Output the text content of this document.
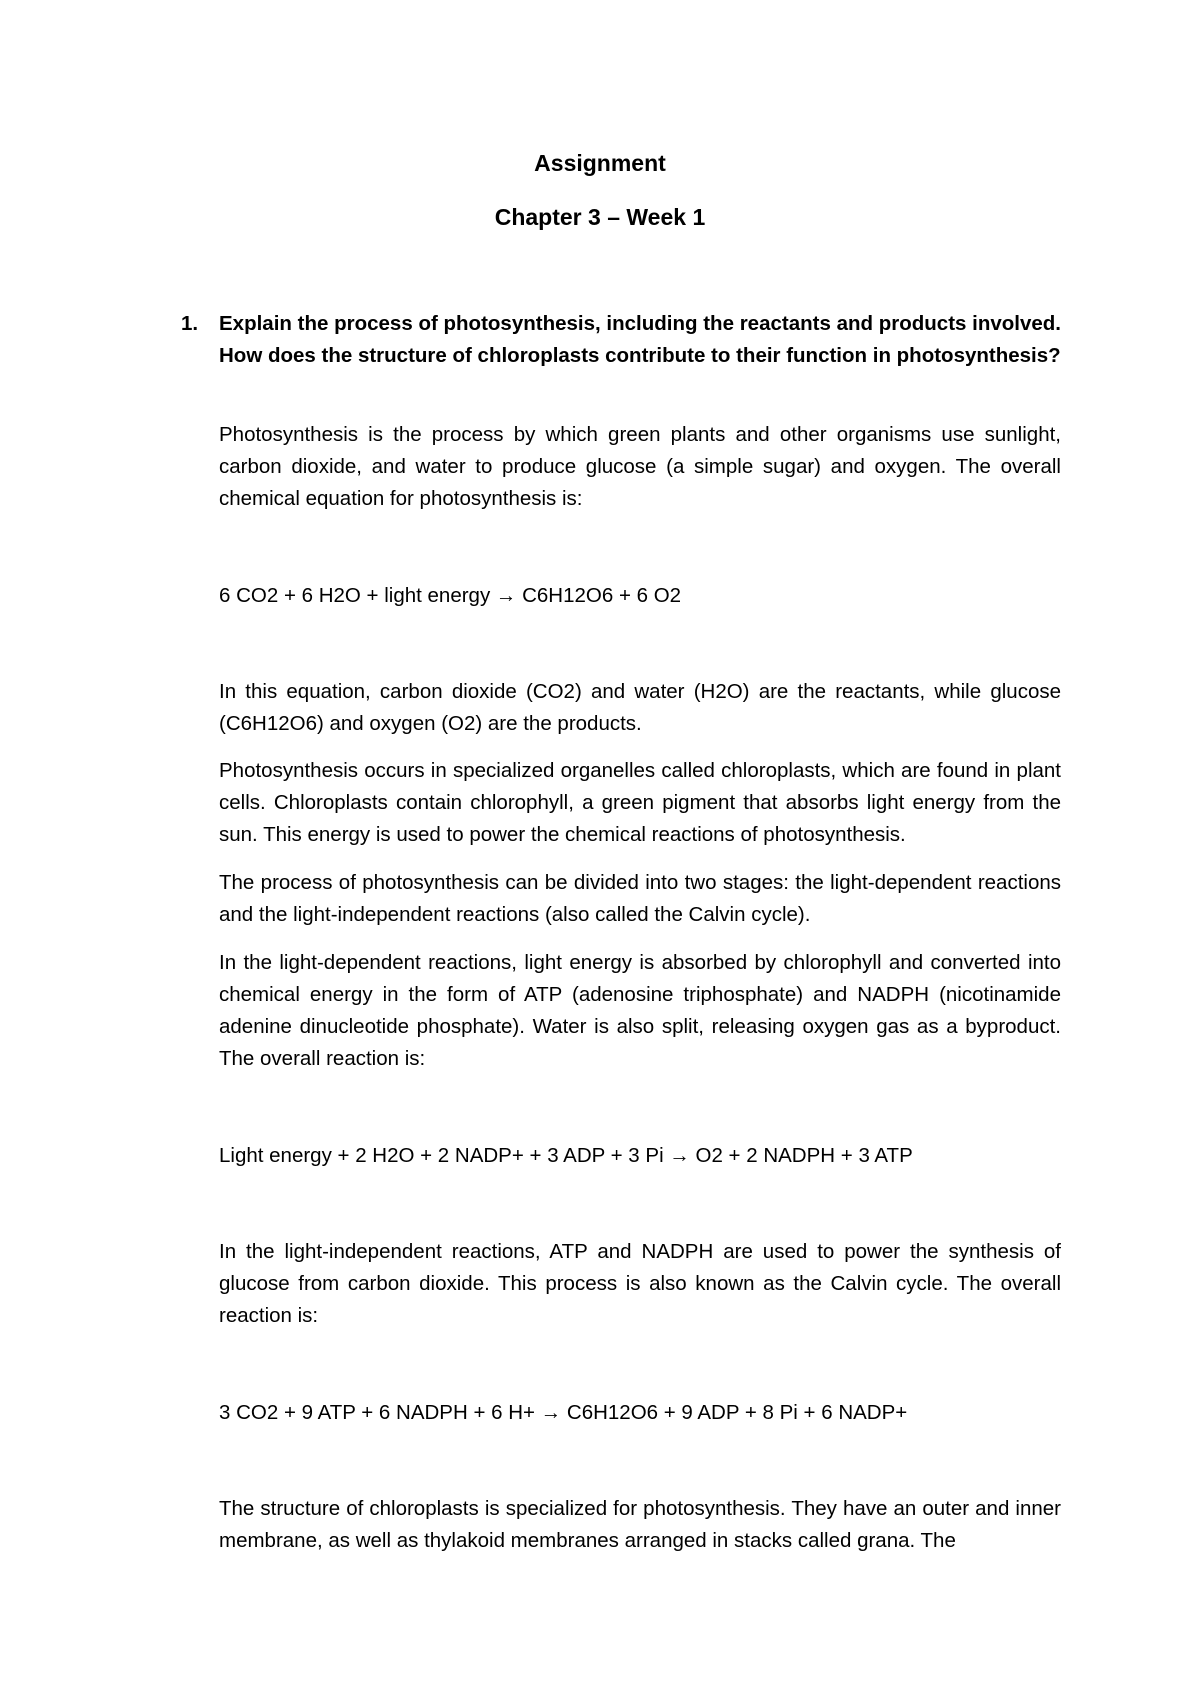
Assignment
Chapter 3 – Week 1
1. Explain the process of photosynthesis, including the reactants and products involved. How does the structure of chloroplasts contribute to their function in photosynthesis?

Photosynthesis is the process by which green plants and other organisms use sunlight, carbon dioxide, and water to produce glucose (a simple sugar) and oxygen. The overall chemical equation for photosynthesis is:

6 CO2 + 6 H2O + light energy → C6H12O6 + 6 O2

In this equation, carbon dioxide (CO2) and water (H2O) are the reactants, while glucose (C6H12O6) and oxygen (O2) are the products.

Photosynthesis occurs in specialized organelles called chloroplasts, which are found in plant cells. Chloroplasts contain chlorophyll, a green pigment that absorbs light energy from the sun. This energy is used to power the chemical reactions of photosynthesis.

The process of photosynthesis can be divided into two stages: the light-dependent reactions and the light-independent reactions (also called the Calvin cycle).

In the light-dependent reactions, light energy is absorbed by chlorophyll and converted into chemical energy in the form of ATP (adenosine triphosphate) and NADPH (nicotinamide adenine dinucleotide phosphate). Water is also split, releasing oxygen gas as a byproduct. The overall reaction is:

Light energy + 2 H2O + 2 NADP+ + 3 ADP + 3 Pi → O2 + 2 NADPH + 3 ATP

In the light-independent reactions, ATP and NADPH are used to power the synthesis of glucose from carbon dioxide. This process is also known as the Calvin cycle. The overall reaction is:

3 CO2 + 9 ATP + 6 NADPH + 6 H+ → C6H12O6 + 9 ADP + 8 Pi + 6 NADP+

The structure of chloroplasts is specialized for photosynthesis. They have an outer and inner membrane, as well as thylakoid membranes arranged in stacks called grana. The
